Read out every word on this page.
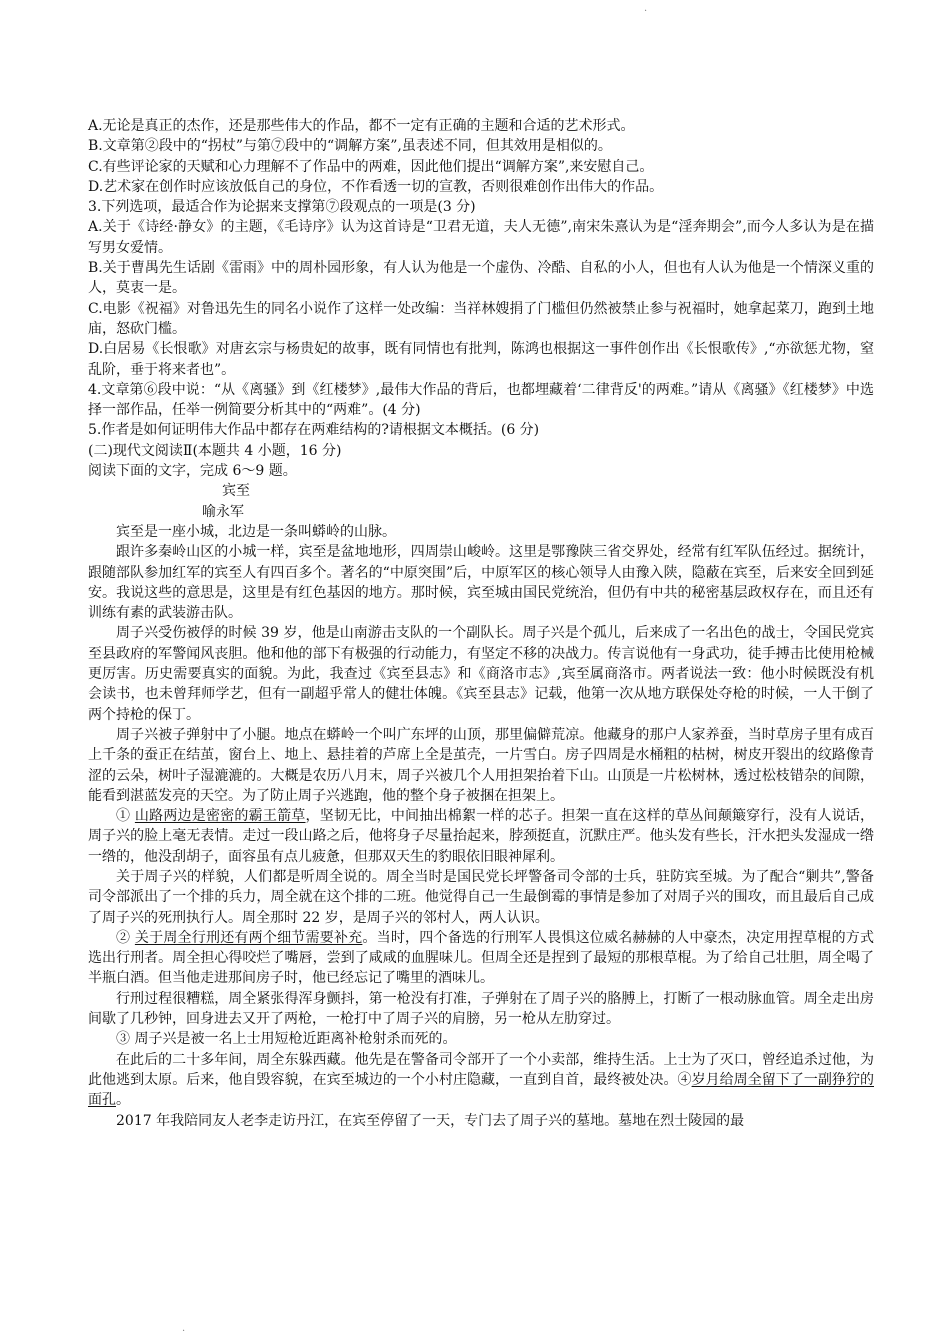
·

A.无论是真正的杰作，还是那些伟大的作品，都不一定有正确的主题和合适的艺术形式。

B.文章第②段中的“拐杖”与第⑦段中的“调解方案”,虽表述不同，但其效用是相似的。

C.有些评论家的天赋和心力理解不了作品中的两难，因此他们提出“调解方案”,来安慰自己。

D.艺术家在创作时应该放低自己的身位，不作看透一切的宣教，否则很难创作出伟大的作品。

3.下列选项，最适合作为论据来支撑第⑦段观点的一项是(3 分)

A.关于《诗经·静女》的主题，《毛诗序》认为这首诗是“卫君无道，夫人无德”,南宋朱熹认为是“淫奔期会”,而今人多认为是在描写男女爱情。

B.关于曹禺先生话剧《雷雨》中的周朴园形象，有人认为他是一个虚伪、冷酷、自私的小人，但也有人认为他是一个情深义重的人，莫衷一是。

C.电影《祝福》对鲁迅先生的同名小说作了这样一处改编：当祥林嫂捐了门槛但仍然被禁止参与祝福时，她拿起菜刀，跑到土地庙，怒砍门槛。

D.白居易《长恨歌》对唐玄宗与杨贵妃的故事，既有同情也有批判，陈鸿也根据这一事件创作出《长恨歌传》,“亦欲惩尤物，窒乱阶，垂于将来者也”。

4.文章第⑥段中说：“从《离骚》到《红楼梦》,最伟大作品的背后，也都埋藏着‘二律背反'的两难。”请从《离骚》《红楼梦》中选择一部作品，任举一例简要分析其中的“两难”。(4 分)

5.作者是如何证明伟大作品中都存在两难结构的?请根据文本概括。(6 分)

(二)现代文阅读Ⅱ(本题共 4 小题，16 分)

阅读下面的文字，完成 6～9 题。

宾至

喻永军

宾至是一座小城，北边是一条叫蟒岭的山脉。

跟许多秦岭山区的小城一样，宾至是盆地地形，四周崇山峻岭。这里是鄂豫陕三省交界处，经常有红军队伍经过。据统计，跟随部队参加红军的宾至人有四百多个。著名的“中原突围”后，中原军区的核心领导人由豫入陕，隐蔽在宾至，后来安全回到延安。我说这些的意思是，这里是有红色基因的地方。那时候，宾至城由国民党统治，但仍有中共的秘密基层政权存在，而且还有训练有素的武装游击队。

周子兴受伤被俘的时候 39 岁，他是山南游击支队的一个副队长。周子兴是个孤儿，后来成了一名出色的战士，令国民党宾至县政府的军警闻风丧胆。他和他的部下有极强的行动能力，有坚定不移的决战力。传言说他有一身武功，徒手搏击比使用枪械更厉害。历史需要真实的面貌。为此，我查过《宾至县志》和《商洛市志》,宾至属商洛市。两者说法一致：他小时候既没有机会读书，也未曾拜师学艺，但有一副超乎常人的健壮体魄。《宾至县志》记载，他第一次从地方联保处夺枪的时候，一人干倒了两个持枪的保丁。

周子兴被子弹射中了小腿。地点在蟒岭一个叫广东坪的山顶，那里偏僻荒凉。他藏身的那户人家养蚕，当时草房子里有成百上千条的蚕正在结茧，窗台上、地上、悬挂着的芦席上全是茧壳，一片雪白。房子四周是水桶粗的枯树，树皮开裂出的纹路像青涩的云朵，树叶子湿漉漉的。大概是农历八月末，周子兴被几个人用担架抬着下山。山顶是一片松树林，透过松枝错杂的间隙，能看到湛蓝发亮的天空。为了防止周子兴逃跑，他的整个身子被捆在担架上。

① 山路两边是密密的霸王箭草，坚韧无比，中间抽出棉絮一样的芯子。担架一直在这样的草丛间颠簸穿行，没有人说话，周子兴的脸上毫无表情。走过一段山路之后，他将身子尽量抬起来，脖颈挺直，沉默庄严。他头发有些长，汗水把头发湿成一绺一绺的，他没刮胡子，面容虽有点儿疲惫，但那双天生的豹眼依旧眼神犀利。

关于周子兴的样貌，人们都是听周全说的。周全当时是国民党长坪警备司令部的士兵，驻防宾至城。为了配合“剿共”,警备司令部派出了一个排的兵力，周全就在这个排的二班。他觉得自己一生最倒霉的事情是参加了对周子兴的围攻，而且最后自己成了周子兴的死刑执行人。周全那时 22 岁，是周子兴的邻村人，两人认识。

② 关于周全行刑还有两个细节需要补充。当时，四个备选的行刑军人畏惧这位威名赫赫的人中豪杰，决定用捏草棍的方式选出行刑者。周全担心得咬烂了嘴唇，尝到了咸咸的血腥味儿。但周全还是捏到了最短的那根草棍。为了给自己壮胆，周全喝了半瓶白酒。但当他走进那间房子时，他已经忘记了嘴里的酒味儿。

行刑过程很糟糕，周全紧张得浑身颤抖，第一枪没有打准，子弹射在了周子兴的胳膊上，打断了一根动脉血管。周全走出房间歇了几秒钟，回身进去又开了两枪，一枪打中了周子兴的肩膀，另一枪从左肋穿过。

③ 周子兴是被一名上士用短枪近距离补枪射杀而死的。

在此后的二十多年间，周全东躲西藏。他先是在警备司令部开了一个小卖部，维持生活。上士为了灭口，曾经追杀过他，为此他逃到太原。后来，他自毁容貌，在宾至城边的一个小村庄隐藏，一直到自首，最终被处决。④岁月给周全留下了一副狰狞的面孔。

2017 年我陪同友人老李走访丹江，在宾至停留了一天，专门去了周子兴的墓地。墓地在烈士陵园的最

·
